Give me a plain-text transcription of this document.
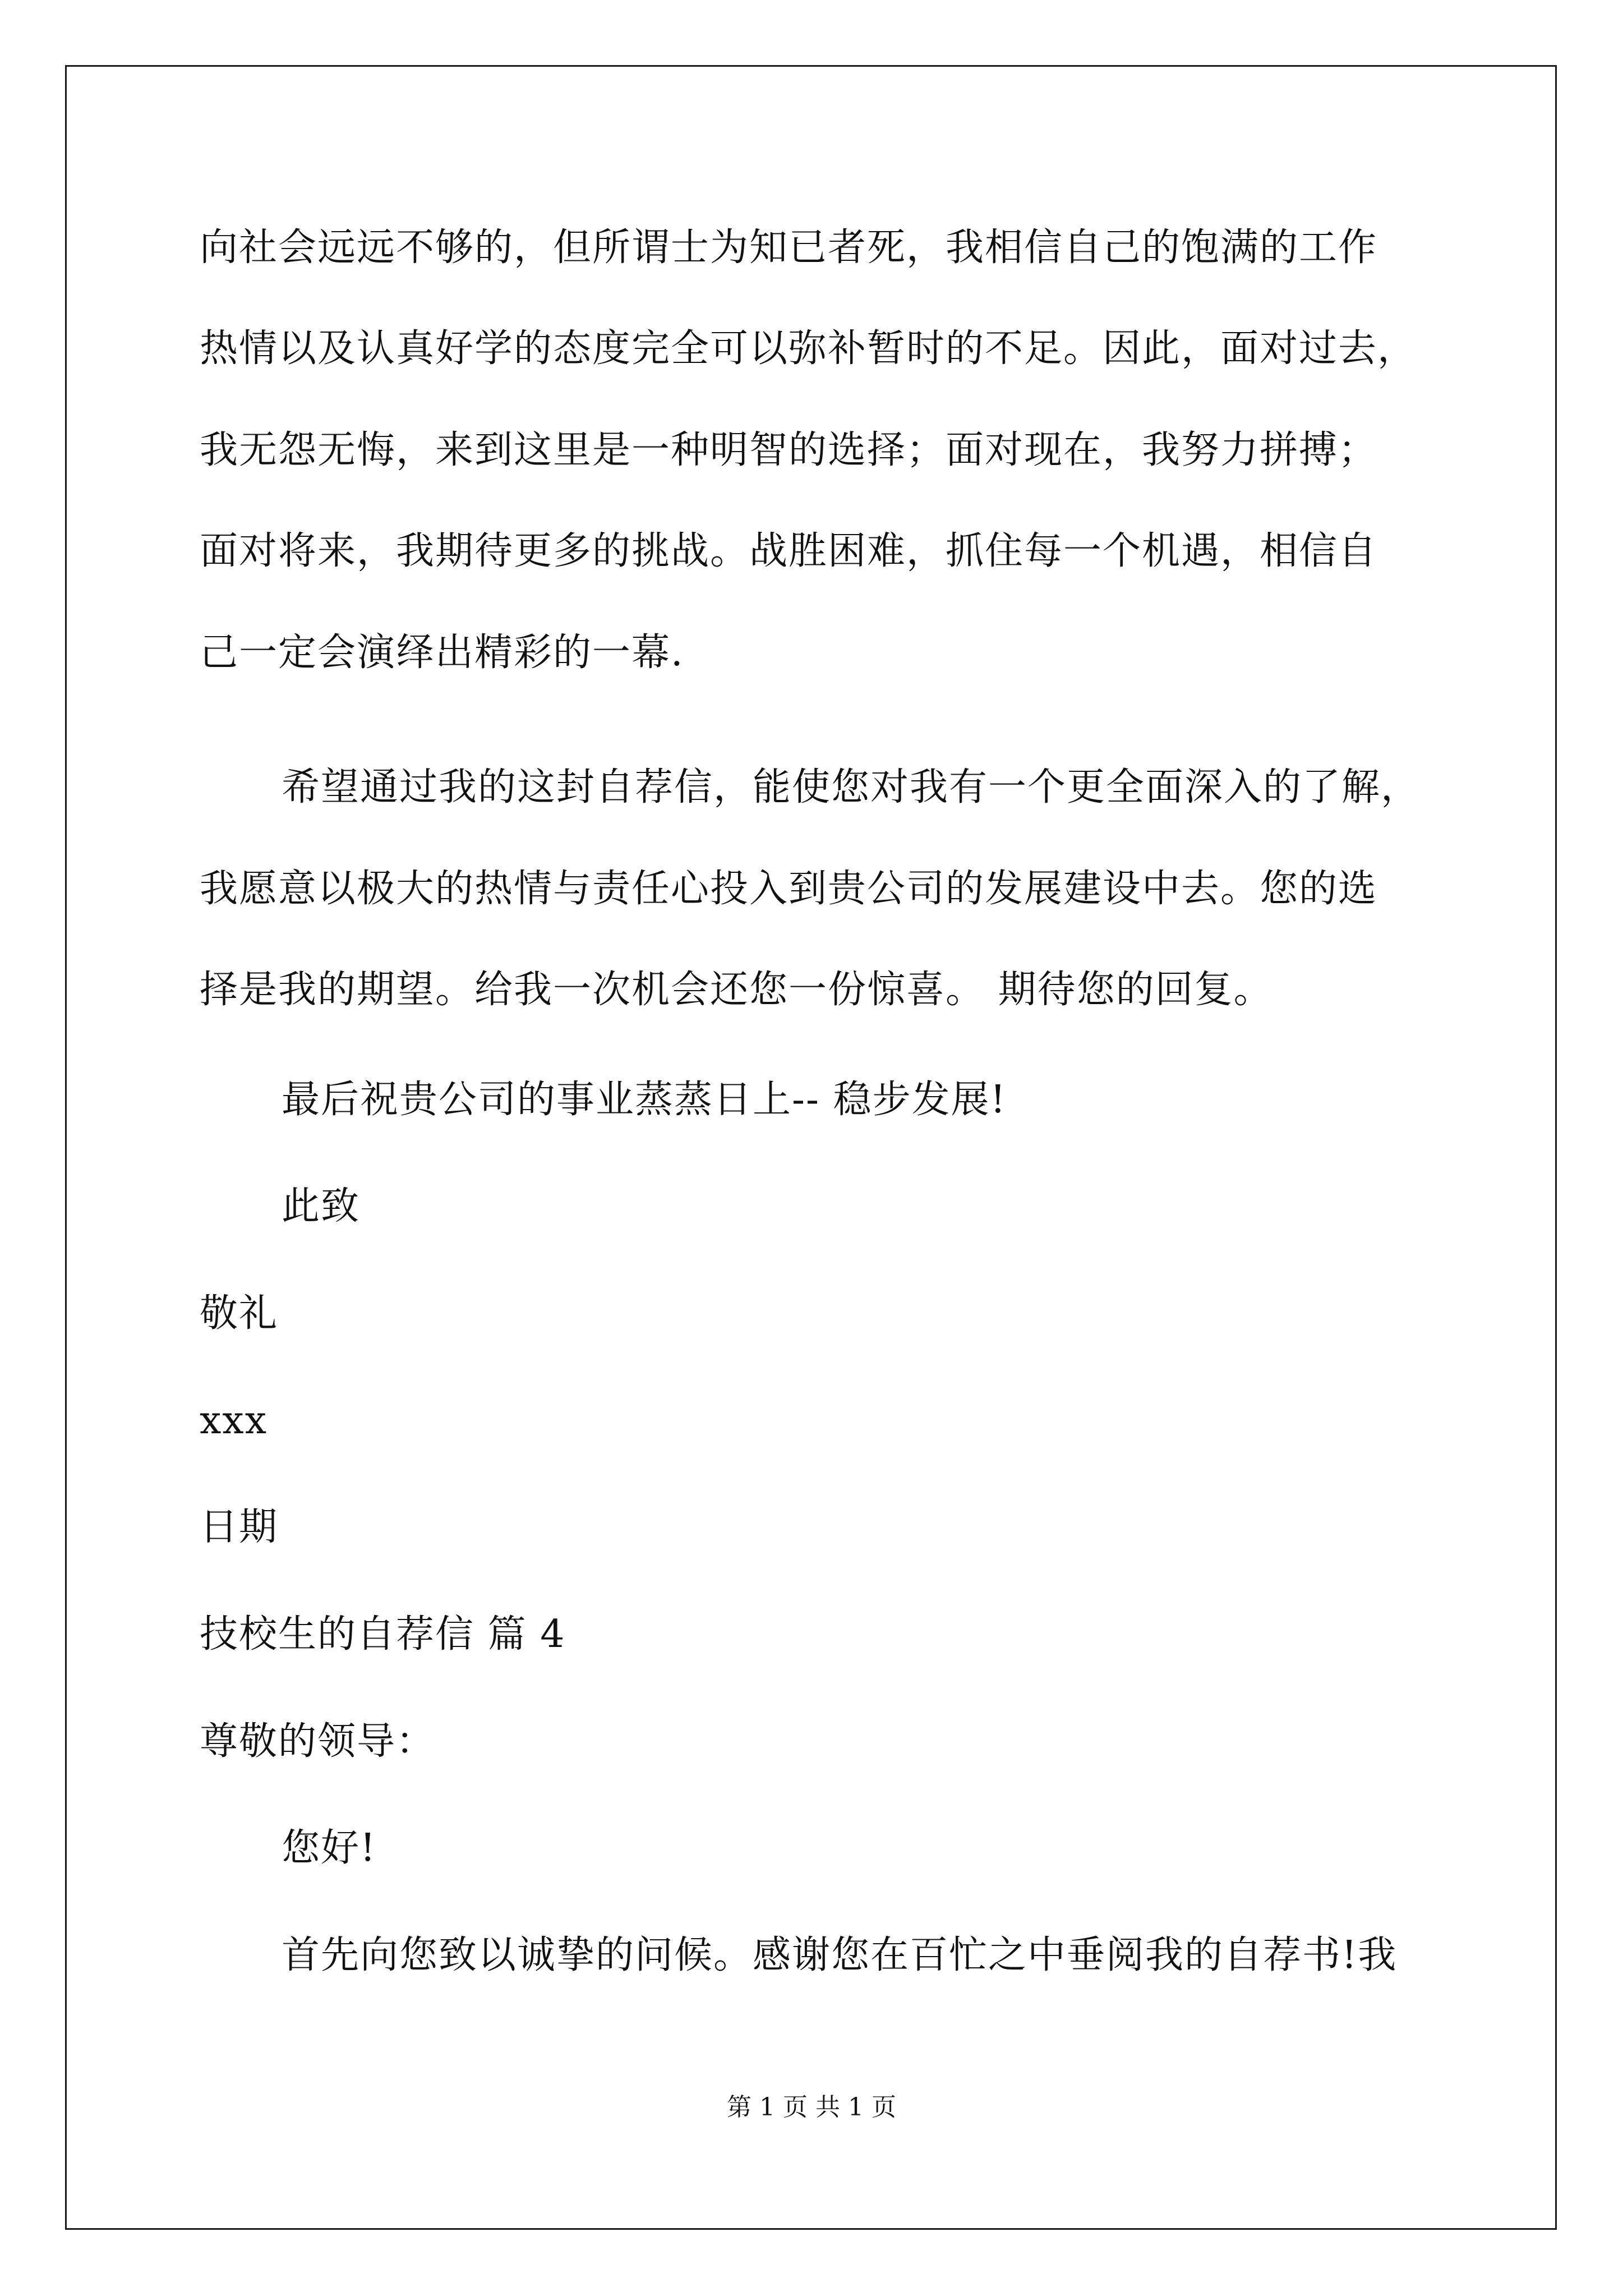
向社会远远不够的，但所谓士为知已者死，我相信自己的饱满的工作
热情以及认真好学的态度完全可以弥补暂时的不足。因此，面对过去，
我无怨无悔，来到这里是一种明智的选择；面对现在，我努力拼搏；
面对将来，我期待更多的挑战。战胜困难，抓住每一个机遇，相信自
己一定会演绎出精彩的一幕.
希望通过我的这封自荐信，能使您对我有一个更全面深入的了解，
我愿意以极大的热情与责任心投入到贵公司的发展建设中去。您的选
择是我的期望。给我一次机会还您一份惊喜。 期待您的回复。
最后祝贵公司的事业蒸蒸日上-- 稳步发展!
此致
敬礼
xxx
日期
技校生的自荐信 篇 4
尊敬的领导：
您好!
首先向您致以诚挚的问候。感谢您在百忙之中垂阅我的自荐书!我
第 1 页 共 1 页
